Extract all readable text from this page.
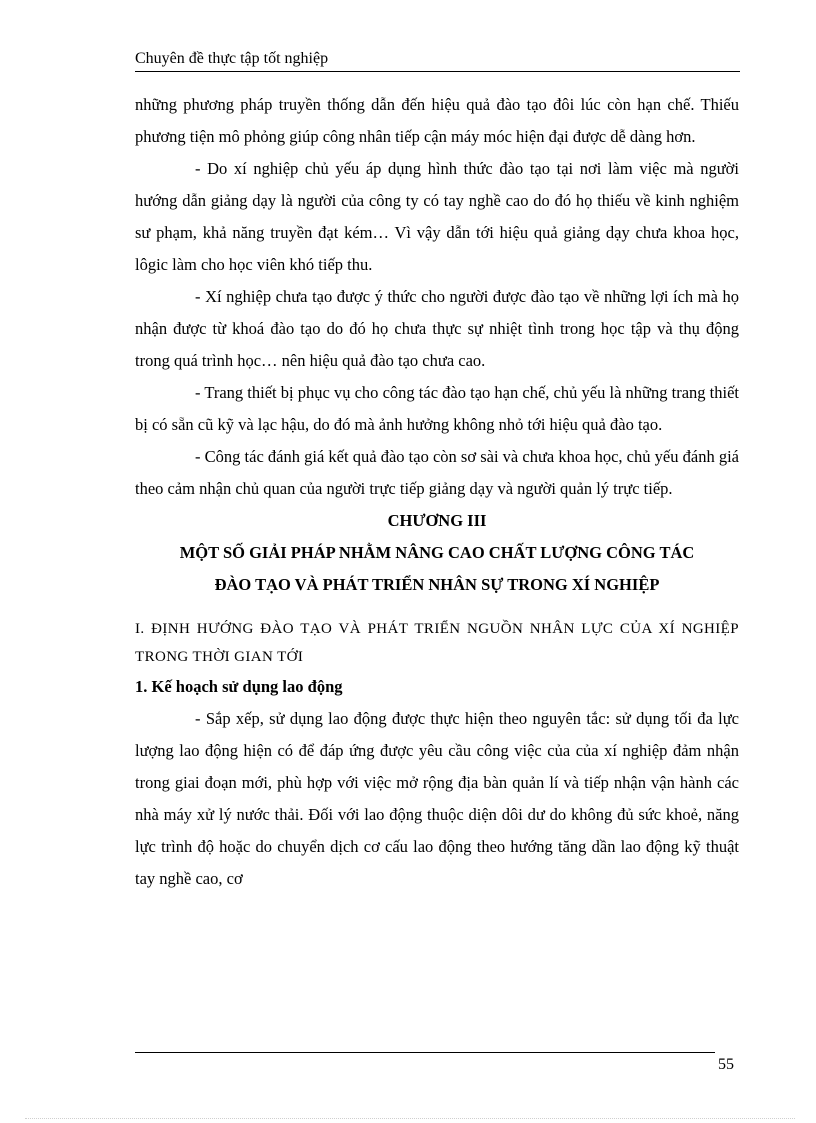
Chuyên đề thực tập tốt nghiệp

những phương pháp truyền thống dẫn đến hiệu quả đào tạo đôi lúc còn hạn chế. Thiếu phương tiện mô phỏng giúp công nhân tiếp cận máy móc hiện đại được dễ dàng hơn.

- Do xí nghiệp chủ yếu áp dụng hình thức đào tạo tại nơi làm việc mà người hướng dẫn giảng dạy là người của công ty có tay nghề cao do đó họ thiếu về kinh nghiệm sư phạm, khả năng truyền đạt kém… Vì vậy dẫn tới hiệu quả giảng dạy chưa khoa học, lôgic làm cho học viên khó tiếp thu.

- Xí nghiệp chưa tạo được ý thức cho người được đào tạo về những lợi ích mà họ nhận được từ khoá đào tạo do đó họ chưa thực sự nhiệt tình trong học tập và thụ động trong quá trình học… nên hiệu quả đào tạo chưa cao.

- Trang thiết bị phục vụ cho công tác đào tạo hạn chế, chủ yếu là những trang thiết bị có sẵn cũ kỹ và lạc hậu, do đó mà ảnh hưởng không nhỏ tới hiệu quả đào tạo.

- Công tác đánh giá kết quả đào tạo còn sơ sài và chưa khoa học, chủ yếu đánh giá theo cảm nhận chủ quan của người trực tiếp giảng dạy và người quản lý trực tiếp.

CHƯƠNG III

MỘT SỐ GIẢI PHÁP NHẰM NÂNG CAO CHẤT LƯỢNG CÔNG TÁC

ĐÀO TẠO VÀ PHÁT TRIỂN NHÂN SỰ TRONG XÍ NGHIỆP

I. ĐỊNH HƯỚNG ĐÀO TẠO VÀ PHÁT TRIỂN NGUỒN NHÂN LỰC CỦA XÍ NGHIỆP TRONG THỜI GIAN TỚI

1. Kế hoạch sử dụng lao động

- Sắp xếp, sử dụng lao động được thực hiện theo nguyên tắc: sử dụng tối đa lực lượng lao động hiện có để đáp ứng được yêu cầu công việc của của xí nghiệp đảm nhận trong giai đoạn mới, phù hợp với việc mở rộng địa bàn quản lí và tiếp nhận vận hành các nhà máy xử lý nước thải. Đối với lao động thuộc diện dôi dư do không đủ sức khoẻ, năng lực trình độ hoặc do chuyển dịch cơ cấu lao động theo hướng tăng dần lao động kỹ thuật tay nghề cao, cơ

55
